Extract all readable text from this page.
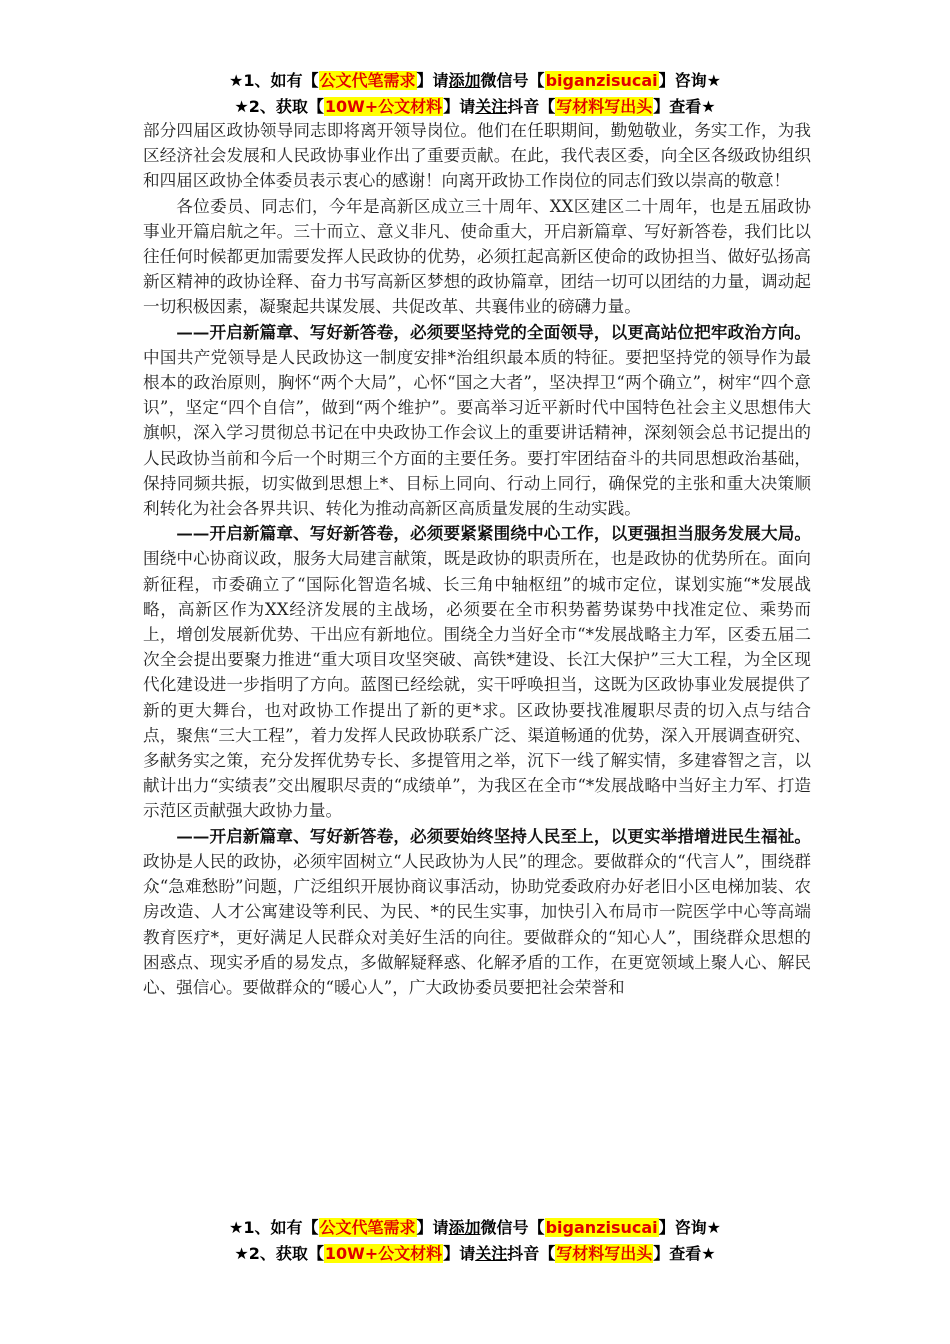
★1、如有【公文代笔需求】请添加微信号【biganzisucai】咨询★
★2、获取【10W+公文材料】请关注抖音【写材料写出头】查看★

部分四届区政协领导同志即将离开领导岗位。他们在任职期间，勤勉敬业，务实工作，为我区经济社会发展和人民政协事业作出了重要贡献。在此，我代表区委，向全区各级政协组织和四届区政协全体委员表示衷心的感谢！向离开政协工作岗位的同志们致以崇高的敬意！

各位委员、同志们，今年是高新区成立三十周年、XX区建区二十周年，也是五届政协事业开篇启航之年。三十而立、意义非凡、使命重大，开启新篇章、写好新答卷，我们比以往任何时候都更加需要发挥人民政协的优势，必须扛起高新区使命的政协担当、做好弘扬高新区精神的政协诠释、奋力书写高新区梦想的政协篇章，团结一切可以团结的力量，调动起一切积极因素，凝聚起共谋发展、共促改革、共襄伟业的磅礴力量。

——开启新篇章、写好新答卷，必须要坚持党的全面领导，以更高站位把牢政治方向。中国共产党领导是人民政协这一制度安排*治组织最本质的特征。要把坚持党的领导作为最根本的政治原则，胸怀“两个大局”，心怀“国之大者”，坚决捍卫“两个确立”，树牢“四个意识”，坚定“四个自信”，做到“两个维护”。要高举习近平新时代中国特色社会主义思想伟大旗帜，深入学习贯彻总书记在中央政协工作会议上的重要讲话精神，深刻领会总书记提出的人民政协当前和今后一个时期三个方面的主要任务。要打牢团结奋斗的共同思想政治基础，保持同频共振，切实做到思想上*、目标上同向、行动上同行，确保党的主张和重大决策顺利转化为社会各界共识、转化为推动高新区高质量发展的生动实践。

——开启新篇章、写好新答卷，必须要紧紧围绕中心工作，以更强担当服务发展大局。围绕中心协商议政，服务大局建言献策，既是政协的职责所在，也是政协的优势所在。面向新征程，市委确立了“国际化智造名城、长三角中轴枢纽”的城市定位，谋划实施“*发展战略，高新区作为XX经济发展的主战场，必须要在全市积势蓄势谋势中找准定位、乘势而上，增创发展新优势、干出应有新地位。围绕全力当好全市“*发展战略主力军，区委五届二次全会提出要聚力推进“重大项目攻坚突破、高铁*建设、长江大保护”三大工程，为全区现代化建设进一步指明了方向。蓝图已经绘就，实干呼唤担当，这既为区政协事业发展提供了新的更大舞台，也对政协工作提出了新的更*求。区政协要找准履职尽责的切入点与结合点，聚焦“三大工程”，着力发挥人民政协联系广泛、渠道畅通的优势，深入开展调查研究、多献务实之策，充分发挥优势专长、多提管用之举，沉下一线了解实情，多建睿智之言，以献计出力“实绩表”交出履职尽责的“成绩单”，为我区在全市“*发展战略中当好主力军、打造示范区贡献强大政协力量。

——开启新篇章、写好新答卷，必须要始终坚持人民至上，以更实举措增进民生福祉。政协是人民的政协，必须牢固树立“人民政协为人民”的理念。要做群众的“代言人”，围绕群众“急难愁盼”问题，广泛组织开展协商议事活动，协助党委政府办好老旧小区电梯加装、农房改造、人才公寓建设等利民、为民、*的民生实事，加快引入布局市一院医学中心等高端教育医疗*，更好满足人民群众对美好生活的向往。要做群众的“知心人”，围绕群众思想的困惑点、现实矛盾的易发点，多做解疑释惑、化解矛盾的工作，在更宽领域上聚人心、解民心、强信心。要做群众的“暖心人”，广大政协委员要把社会荣誉和

★1、如有【公文代笔需求】请添加微信号【biganzisucai】咨询★
★2、获取【10W+公文材料】请关注抖音【写材料写出头】查看★
